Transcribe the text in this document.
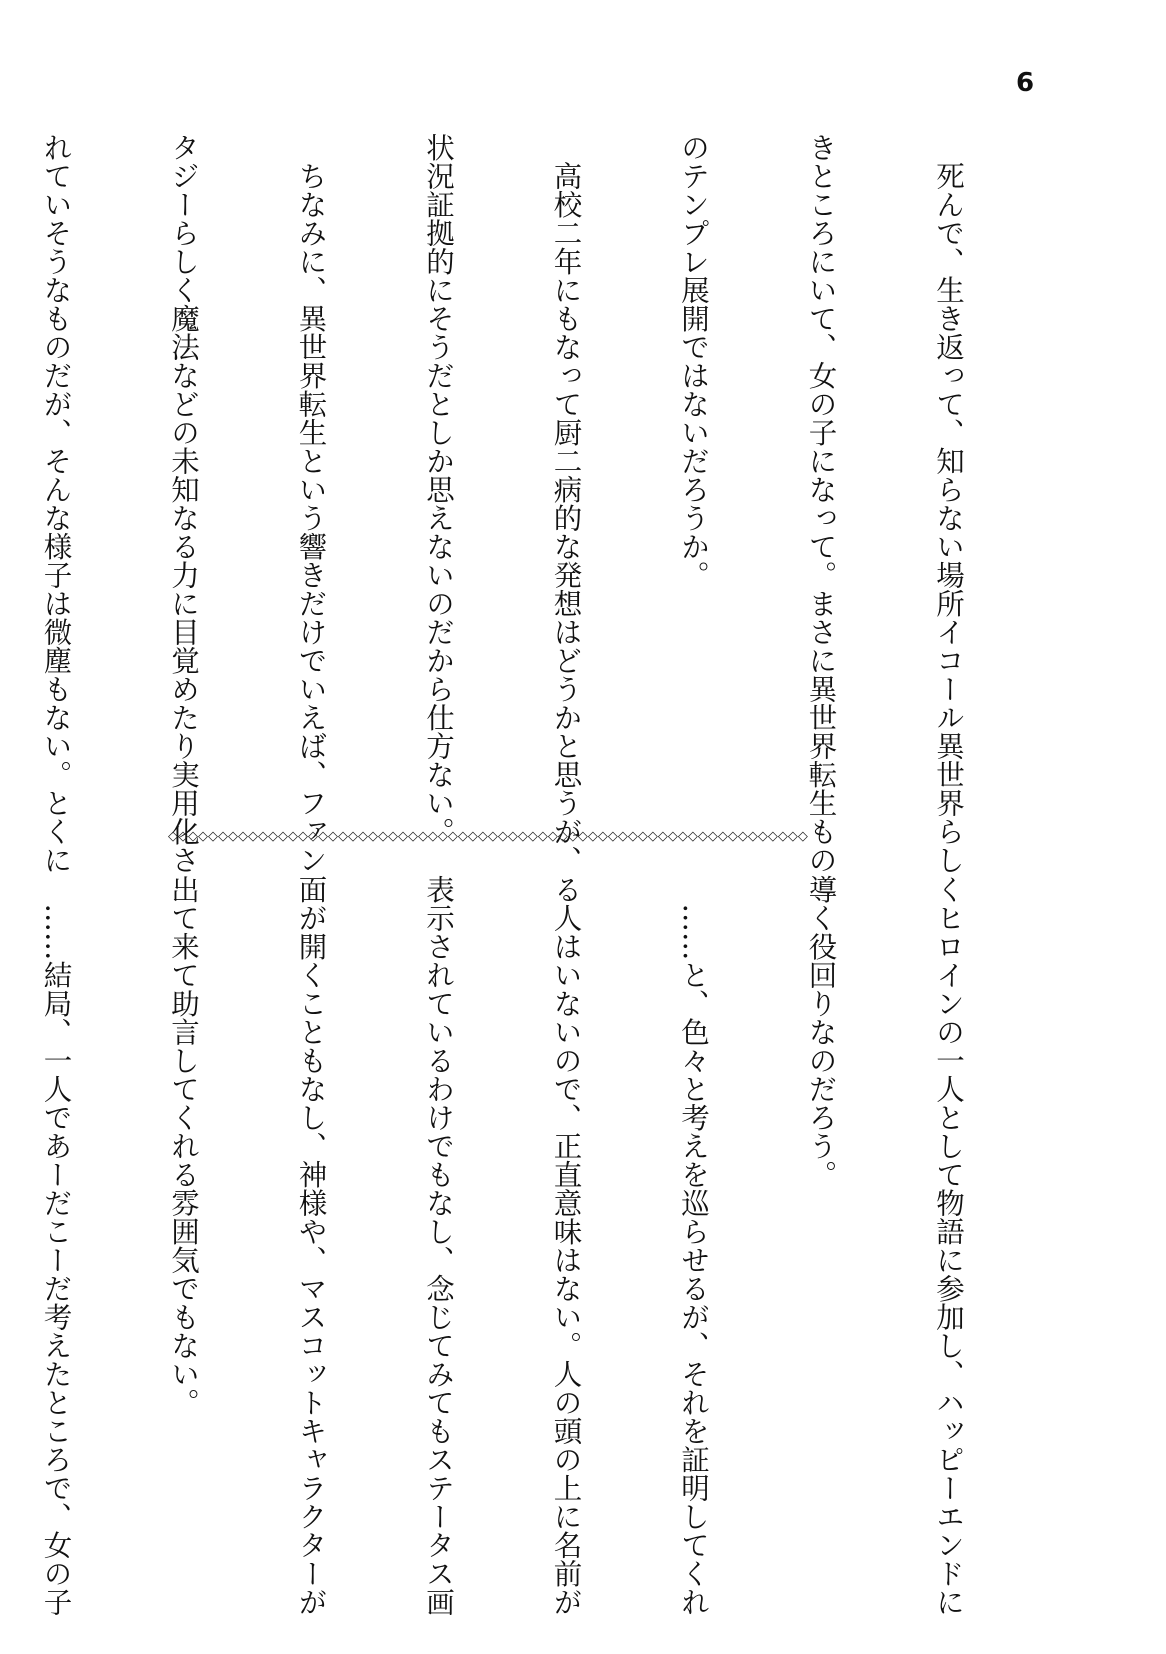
6

　死んで、生き返って、知らない場所イコール異世界らし

きところにいて、女の子になって。まさに異世界転生もの

のテンプレ展開ではないだろうか。

　高校二年にもなって厨二病的な発想はどうかと思うが、

状況証拠的にそうだとしか思えないのだから仕方ない。

　ちなみに、異世界転生という響きだけでいえば、ファン

タジーらしく魔法などの未知なる力に目覚めたり実用化さ

れていそうなものだが、そんな様子は微塵もない。とくに

	◇◇◇◇◇◇◇◇◇◇◇◇◇◇◇◇◇◇◇◇◇◇◇◇◇◇◇◇◇◇◇◇◇◇◇◇◇◇◇◇◇◇◇◇◇◇◇◇◇◇◇◇◇◇◇◇◇◇◇◇◇◇◇◇

くヒロインの一人として物語に参加し、ハッピーエンドに

導く役回りなのだろう。

　……と、色々と考えを巡らせるが、それを証明してくれ

る人はいないので、正直意味はない。人の頭の上に名前が

表示されているわけでもなし、念じてみてもステータス画

面が開くこともなし、神様や、マスコットキャラクターが

出て来て助言してくれる雰囲気でもない。

　……結局、一人であーだこーだ考えたところで、女の子
